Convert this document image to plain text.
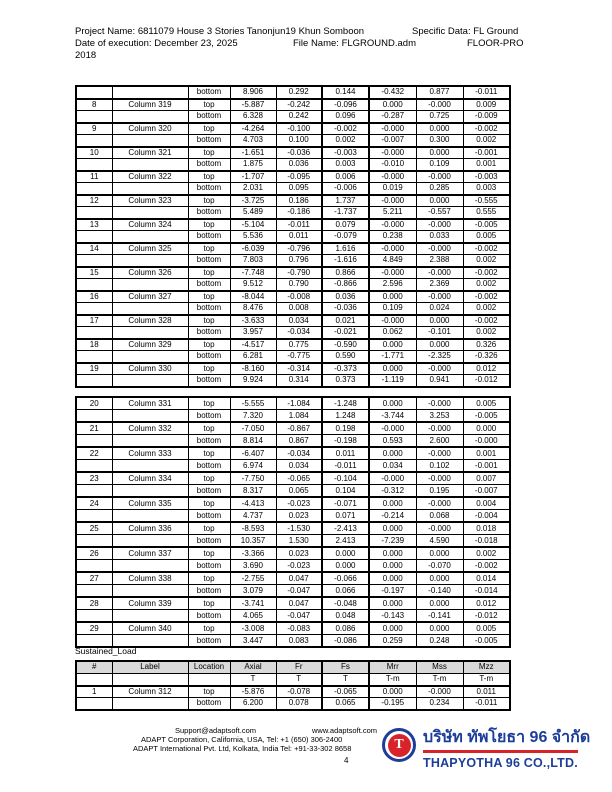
Project Name: 6811079 House 3 Stories Tanonjun19 Khun Somboon	Specific Data: FL Ground
Date of execution: December 23, 2025	File Name: FLGROUND.adm	FLOOR-PRO
2018
		bottom	8.906	0.292	0.144	-0.432	0.877	-0.011
8	Column 319	top	-5.887	-0.242	-0.096	0.000	-0.000	0.009
		bottom	6.328	0.242	0.096	-0.287	0.725	-0.009
9	Column 320	top	-4.264	-0.100	-0.002	-0.000	0.000	-0.002
		bottom	4.703	0.100	0.002	-0.007	0.300	0.002
10	Column 321	top	-1.651	-0.036	-0.003	-0.000	0.000	-0.001
		bottom	1.875	0.036	0.003	-0.010	0.109	0.001
11	Column 322	top	-1.707	-0.095	0.006	-0.000	-0.000	-0.003
		bottom	2.031	0.095	-0.006	0.019	0.285	0.003
12	Column 323	top	-3.725	0.186	1.737	-0.000	0.000	-0.555
		bottom	5.489	-0.186	-1.737	5.211	-0.557	0.555
13	Column 324	top	-5.104	-0.011	0.079	-0.000	-0.000	-0.005
		bottom	5.536	0.011	-0.079	0.238	0.033	0.005
14	Column 325	top	-6.039	-0.796	1.616	-0.000	-0.000	-0.002
		bottom	7.803	0.796	-1.616	4.849	2.388	0.002
15	Column 326	top	-7.748	-0.790	0.866	-0.000	-0.000	-0.002
		bottom	9.512	0.790	-0.866	2.596	2.369	0.002
16	Column 327	top	-8.044	-0.008	0.036	0.000	-0.000	-0.002
		bottom	8.476	0.008	-0.036	0.109	0.024	0.002
17	Column 328	top	-3.633	0.034	0.021	-0.000	0.000	-0.002
		bottom	3.957	-0.034	-0.021	0.062	-0.101	0.002
18	Column 329	top	-4.517	0.775	-0.590	0.000	0.000	0.326
		bottom	6.281	-0.775	0.590	-1.771	-2.325	-0.326
19	Column 330	top	-8.160	-0.314	-0.373	0.000	-0.000	0.012
		bottom	9.924	0.314	0.373	-1.119	0.941	-0.012
20	Column 331	top	-5.555	-1.084	-1.248	0.000	-0.000	0.005
		bottom	7.320	1.084	1.248	-3.744	3.253	-0.005
21	Column 332	top	-7.050	-0.867	0.198	-0.000	-0.000	0.000
		bottom	8.814	0.867	-0.198	0.593	2.600	-0.000
22	Column 333	top	-6.407	-0.034	0.011	0.000	-0.000	0.001
		bottom	6.974	0.034	-0.011	0.034	0.102	-0.001
23	Column 334	top	-7.750	-0.065	-0.104	-0.000	-0.000	0.007
		bottom	8.317	0.065	0.104	-0.312	0.195	-0.007
24	Column 335	top	-4.413	-0.023	-0.071	0.000	-0.000	0.004
		bottom	4.737	0.023	0.071	-0.214	0.068	-0.004
25	Column 336	top	-8.593	-1.530	-2.413	0.000	-0.000	0.018
		bottom	10.357	1.530	2.413	-7.239	4.590	-0.018
26	Column 337	top	-3.366	0.023	0.000	0.000	0.000	0.002
		bottom	3.690	-0.023	0.000	0.000	-0.070	-0.002
27	Column 338	top	-2.755	0.047	-0.066	0.000	0.000	0.014
		bottom	3.079	-0.047	0.066	-0.197	-0.140	-0.014
28	Column 339	top	-3.741	0.047	-0.048	0.000	0.000	0.012
		bottom	4.065	-0.047	0.048	-0.143	-0.141	-0.012
29	Column 340	top	-3.008	-0.083	0.086	0.000	0.000	0.005
		bottom	3.447	0.083	-0.086	0.259	0.248	-0.005
Sustained_Load
#	Label	Location	Axial	Fr	Fs	Mrr	Mss	Mzz
			T	T	T	T-m	T-m	T-m
1	Column 312	top	-5.876	-0.078	-0.065	0.000	-0.000	0.011
		bottom	6.200	0.078	0.065	-0.195	0.234	-0.011
Support@adaptsoft.com	www.adaptsoft.com
ADAPT Corporation, California, USA, Tel: +1 (650) 306-2400
ADAPT International Pvt. Ltd, Kolkata, India Tel: +91-33-302 8658
4
T	บริษัท ทัพโยธา 96 จำกัด
THAPYOTHA 96 CO.,LTD.
